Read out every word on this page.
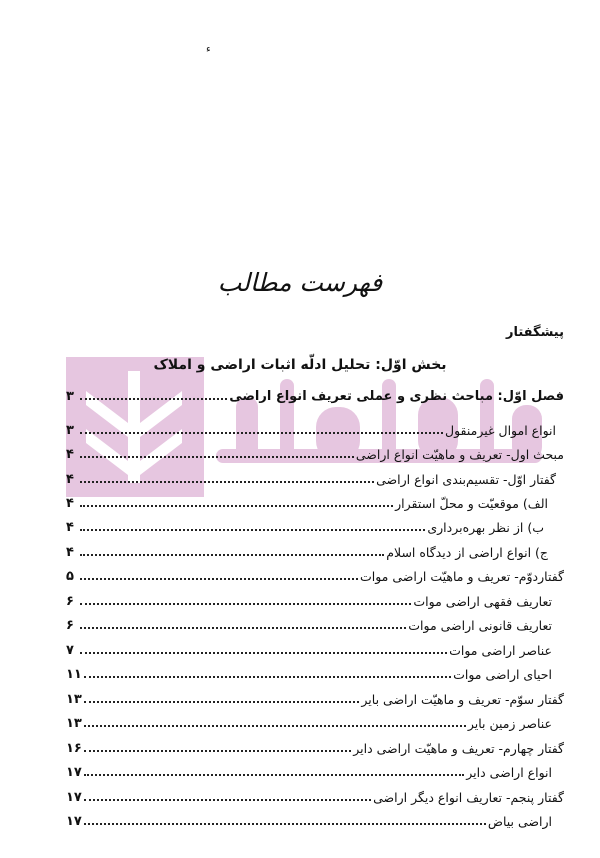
ء
فهرست مطالب
پیشگفتار
بخش اوّل: تحلیل ادلّه اثبات اراضی و املاک
فصل اوّل: مباحث نظری و عملی تعریف انواع اراضی
۳
انواع اموال غیرمنقول
۳
مبحث اول- تعریف و ماهیّت انواع اراضی
۴
گفتار اوّل- تقسیم‌بندی انواع اراضی
۴
الف) موقعیّت و محلّ استقرار
۴
ب) از نظر بهره‌برداری
۴
ج) انواع اراضی از دیدگاه اسلام
۴
گفتاردوّم- تعریف و ماهیّت اراضی موات
۵
تعاریف فقهی اراضی موات
۶
تعاریف قانونی اراضی موات
۶
عناصر اراضی موات
۷
احیای اراضی موات
۱۱
گفتار سوّم- تعریف و ماهیّت اراضی بایر
۱۳
عناصر زمین بایر
۱۳
گفتار چهارم- تعریف و ماهیّت اراضی دایر
۱۶
انواع اراضی دایر
۱۷
گفتار پنجم- تعاریف انواع دیگر اراضی
۱۷
اراضی بیاض
۱۷
